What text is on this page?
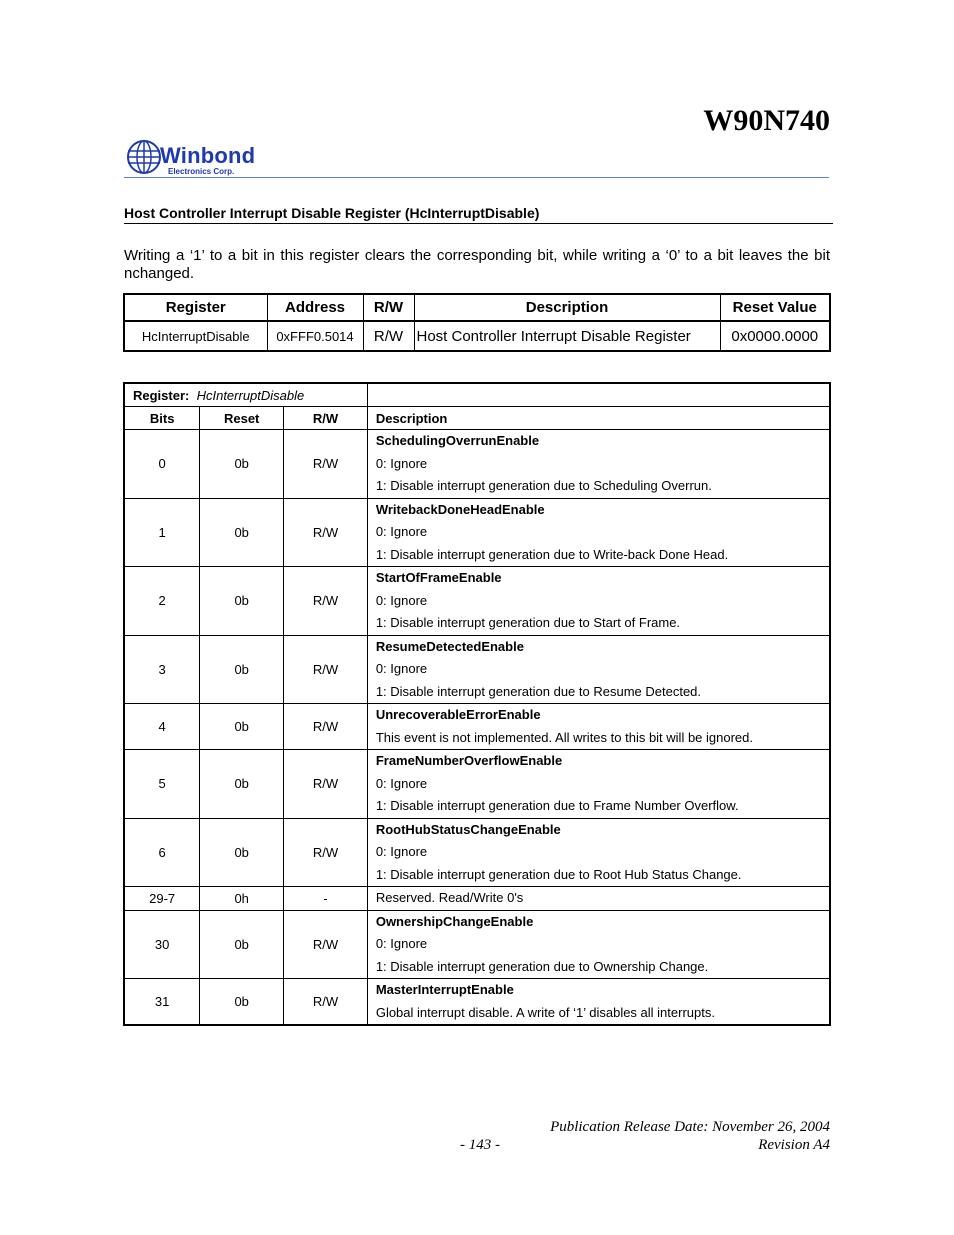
W90N740
Winbond
Electronics Corp.
Host Controller Interrupt Disable Register (HcInterruptDisable)
Writing a ‘1’ to a bit in this register clears the corresponding bit, while writing a ‘0’ to a bit leaves the bit nchanged.
Register	Address	R/W	Description	Reset Value
HcInterruptDisable	0xFFF0.5014	R/W	Host Controller Interrupt Disable Register	0x0000.0000
Register: HcInterruptDisable			
Bits	Reset	R/W	Description
0	0b	R/W	SchedulingOverrunEnable
0: Ignore
1: Disable interrupt generation due to Scheduling Overrun.

1	0b	R/W	WritebackDoneHeadEnable
0: Ignore
1: Disable interrupt generation due to Write-back Done Head.

2	0b	R/W	StartOfFrameEnable
0: Ignore
1: Disable interrupt generation due to Start of Frame.

3	0b	R/W	ResumeDetectedEnable
0: Ignore
1: Disable interrupt generation due to Resume Detected.

4	0b	R/W	UnrecoverableErrorEnable
This event is not implemented. All writes to this bit will be ignored.

5	0b	R/W	FrameNumberOverflowEnable
0: Ignore
1: Disable interrupt generation due to Frame Number Overflow.

6	0b	R/W	RootHubStatusChangeEnable
0: Ignore
1: Disable interrupt generation due to Root Hub Status Change.

29-7	0h	-	Reserved. Read/Write 0's

30	0b	R/W	OwnershipChangeEnable
0: Ignore
1: Disable interrupt generation due to Ownership Change.

31	0b	R/W	MasterInterruptEnable
Global interrupt disable. A write of ‘1’ disables all interrupts.
Publication Release Date: November 26, 2004
- 143 -	Revision A4
